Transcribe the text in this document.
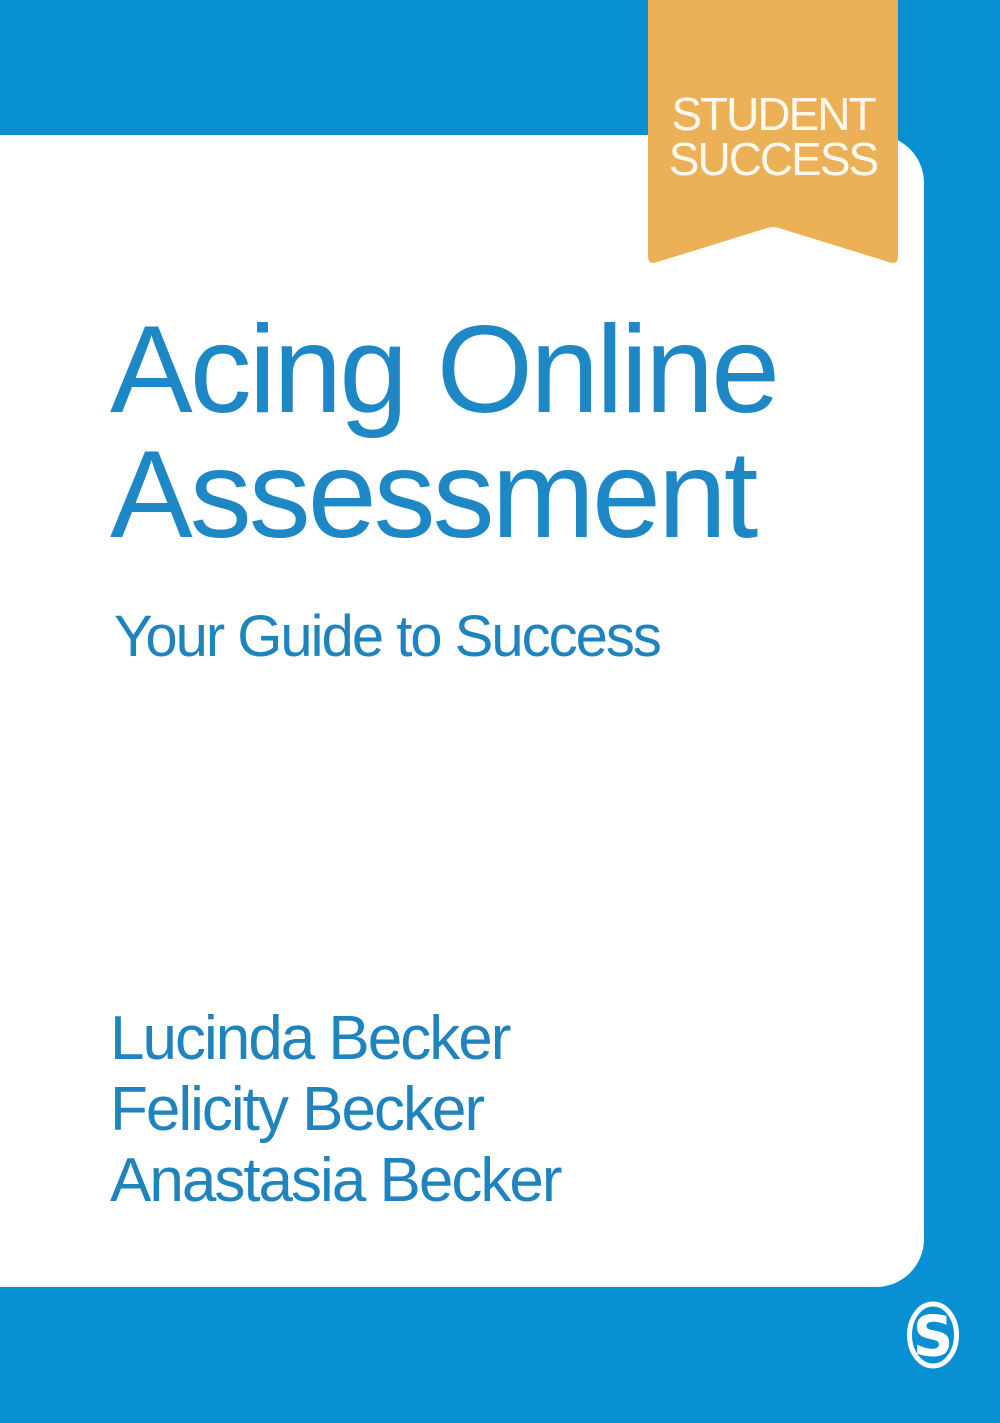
STUDENT
SUCCESS
Acing Online
Assessment
Your Guide to Success
Lucinda Becker
Felicity Becker
Anastasia Becker
S
